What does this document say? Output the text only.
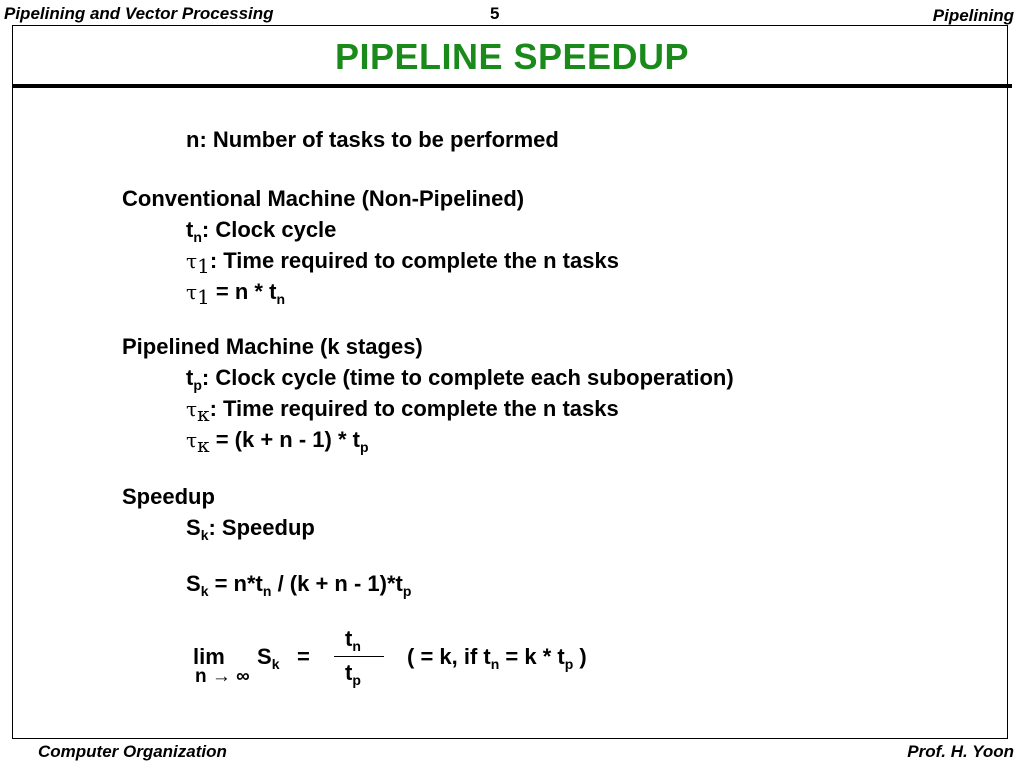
Pipelining and Vector Processing	5	Pipelining
PIPELINE SPEEDUP
n: Number of tasks to be performed
Conventional Machine (Non-Pipelined)
$t_n$: Clock cycle
$\tau_1$: Time required to complete the n tasks
$\tau_1 = n * t_n$
Pipelined Machine (k stages)
$t_p$: Clock cycle (time to complete each suboperation)
$\tau_\kappa$: Time required to complete the n tasks
$\tau_\kappa = (k + n - 1) * t_p$
Speedup
$S_k$: Speedup
$S_k = n*t_n / (k + n - 1)*t_p$
lim
n → ∞
$S_k$ =
$t_n$
$t_p$
( = k, if $t_n = k * t_p$ )
Computer Organization	Prof. H. Yoon
